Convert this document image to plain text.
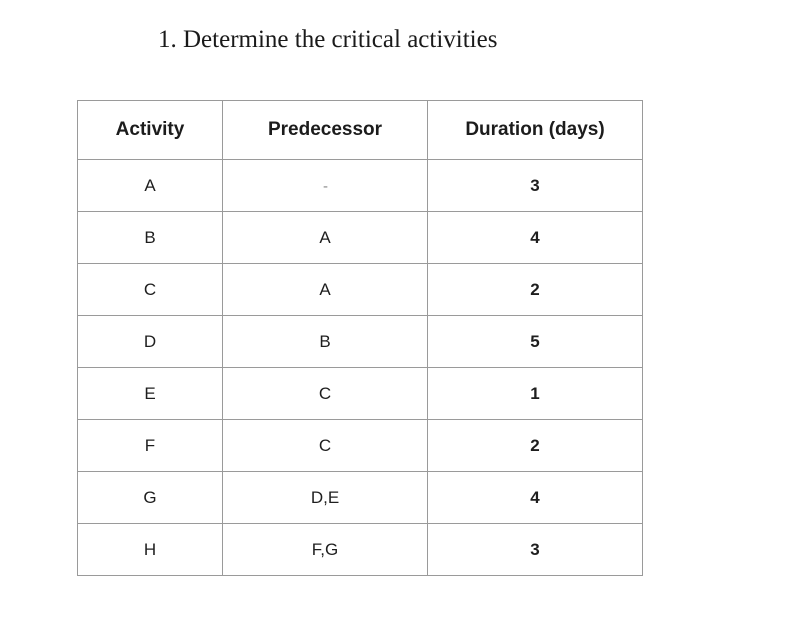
1. Determine the critical activities
Activity	Predecessor	Duration (days)
A	-	3
B	A	4
C	A	2
D	B	5
E	C	1
F	C	2
G	D,E	4
H	F,G	3
